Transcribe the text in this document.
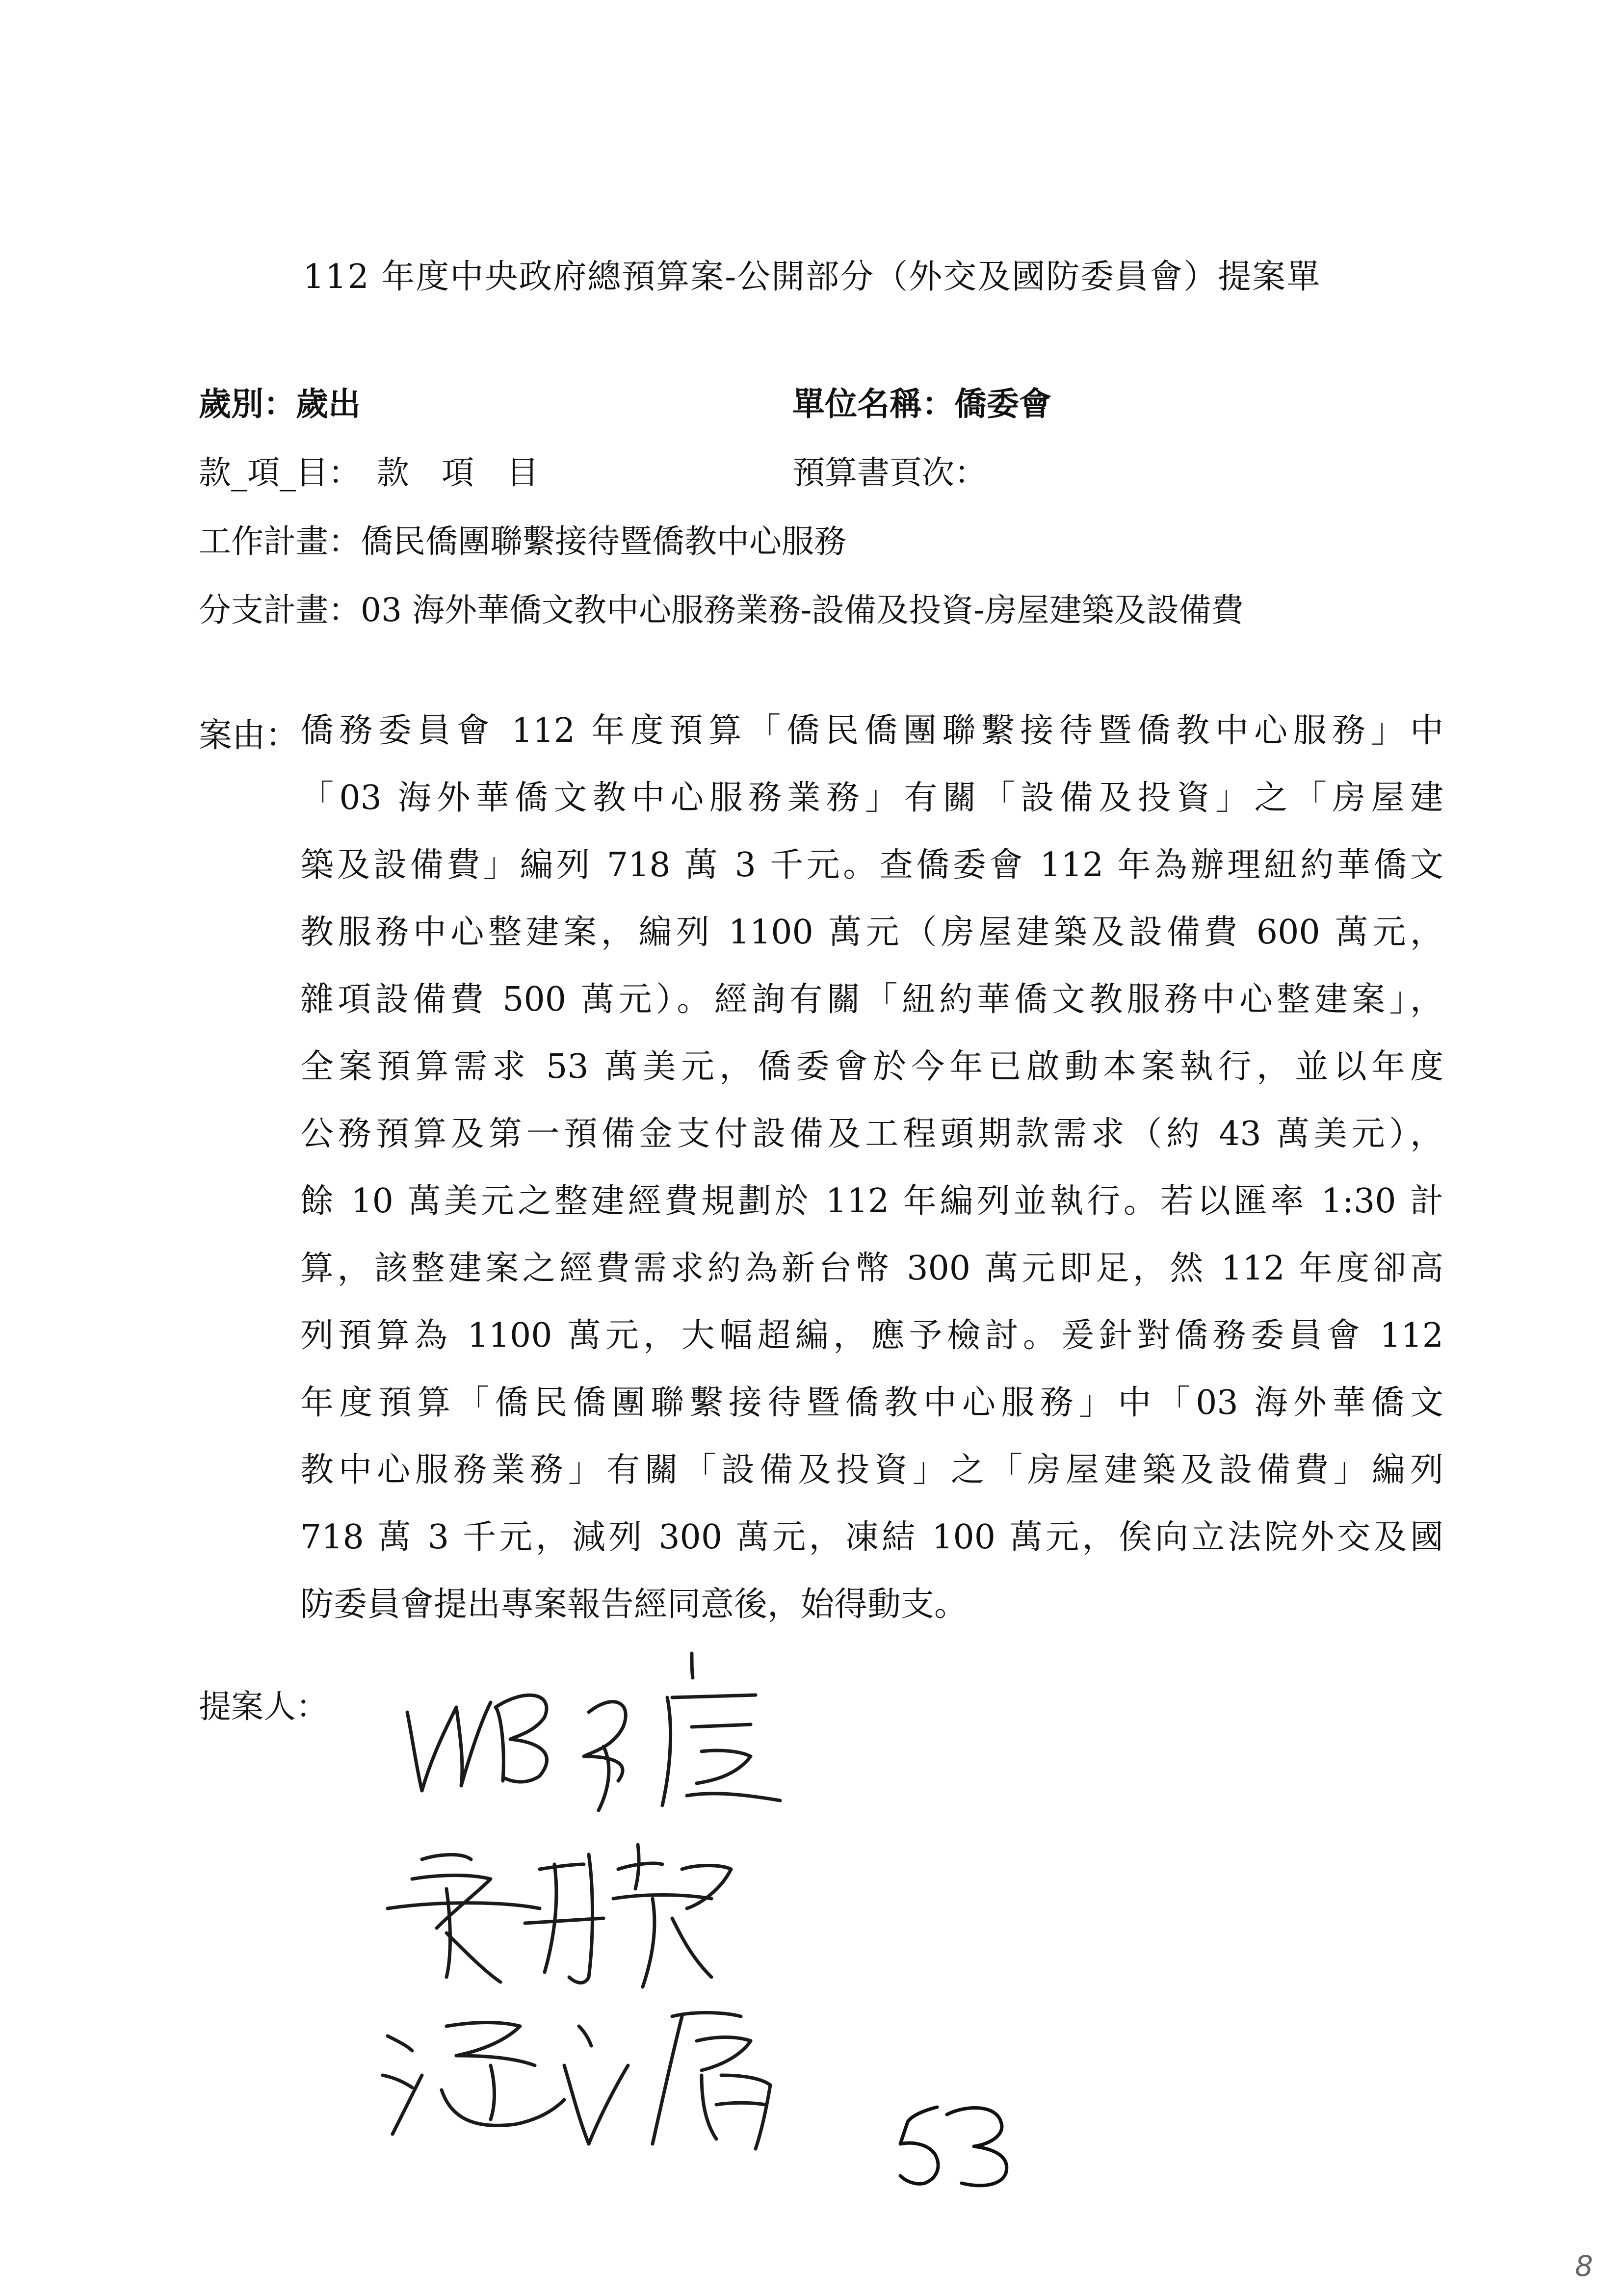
112 年度中央政府總預算案-公開部分（外交及國防委員會）提案單
歲別：歲出	單位名稱：僑委會
款_項_目：　款　項　目	預算書頁次：
工作計畫：僑民僑團聯繫接待暨僑教中心服務
分支計畫：03 海外華僑文教中心服務業務-設備及投資-房屋建築及設備費
案由： 僑務委員會 112 年度預算「僑民僑團聯繫接待暨僑教中心服務」中
「03 海外華僑文教中心服務業務」有關「設備及投資」之「房屋建
築及設備費」編列 718 萬 3 千元。查僑委會 112 年為辦理紐約華僑文
教服務中心整建案，編列 1100 萬元（房屋建築及設備費 600 萬元，
雜項設備費 500 萬元）。經詢有關「紐約華僑文教服務中心整建案」，
全案預算需求 53 萬美元，僑委會於今年已啟動本案執行，並以年度
公務預算及第一預備金支付設備及工程頭期款需求（約 43 萬美元），
餘 10 萬美元之整建經費規劃於 112 年編列並執行。若以匯率 1:30 計
算，該整建案之經費需求約為新台幣 300 萬元即足，然 112 年度卻高
列預算為 1100 萬元，大幅超編，應予檢討。爰針對僑務委員會 112
年度預算「僑民僑團聯繫接待暨僑教中心服務」中「03 海外華僑文
教中心服務業務」有關「設備及投資」之「房屋建築及設備費」編列
718 萬 3 千元，減列 300 萬元，凍結 100 萬元，俟向立法院外交及國
防委員會提出專案報告經同意後，始得動支。
提案人：
8
